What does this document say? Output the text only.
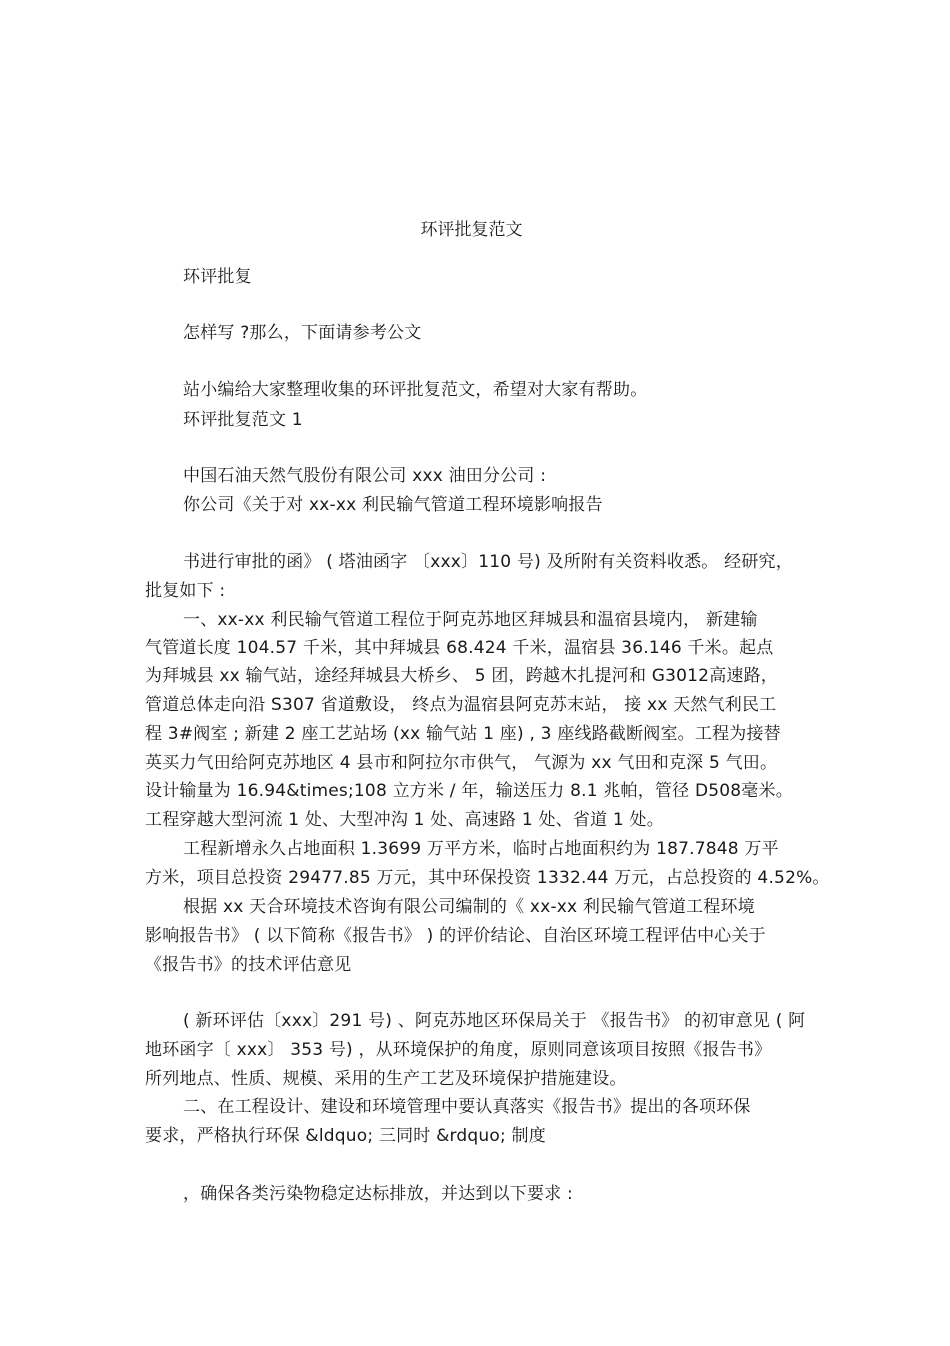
环评批复范文
环评批复
怎样写 ?那么，下面请参考公文
站小编给大家整理收集的环评批复范文，希望对大家有帮助。
环评批复范文 1
中国石油天然气股份有限公司 xxx 油田分公司 :
你公司《关于对 xx-xx 利民输气管道工程环境影响报告
书进行审批的函》 ( 塔油函字 〔xxx〕110 号) 及所附有关资料收悉。 经研究，
批复如下 :
一、xx-xx 利民输气管道工程位于阿克苏地区拜城县和温宿县境内， 新建输
气管道长度 104.57 千米，其中拜城县 68.424 千米，温宿县 36.146 千米。起点
为拜城县 xx 输气站，途经拜城县大桥乡、 5 团，跨越木扎提河和 G3012高速路，
管道总体走向沿 S307 省道敷设， 终点为温宿县阿克苏末站， 接 xx 天然气利民工
程 3#阀室 ; 新建 2 座工艺站场 (xx 输气站 1 座) , 3 座线路截断阀室。工程为接替
英买力气田给阿克苏地区 4 县市和阿拉尔市供气， 气源为 xx 气田和克深 5 气田。
设计输量为 16.94&times;108 立方米 / 年，输送压力 8.1 兆帕，管径 D508毫米。
工程穿越大型河流 1 处、大型冲沟 1 处、高速路 1 处、省道 1 处。
工程新增永久占地面积 1.3699 万平方米，临时占地面积约为 187.7848 万平
方米，项目总投资 29477.85 万元，其中环保投资 1332.44 万元，占总投资的 4.52%。
根据 xx 天合环境技术咨询有限公司编制的《 xx-xx 利民输气管道工程环境
影响报告书》 ( 以下简称《报告书》 ) 的评价结论、自治区环境工程评估中心关于
《报告书》的技术评估意见
( 新环评估〔xxx〕291 号) 、阿克苏地区环保局关于 《报告书》 的初审意见 ( 阿
地环函字〔 xxx〕 353 号) ，从环境保护的角度，原则同意该项目按照《报告书》
所列地点、性质、规模、采用的生产工艺及环境保护措施建设。
二、在工程设计、建设和环境管理中要认真落实《报告书》提出的各项环保
要求，严格执行环保 &ldquo; 三同时 &rdquo; 制度
，确保各类污染物稳定达标排放，并达到以下要求 :
